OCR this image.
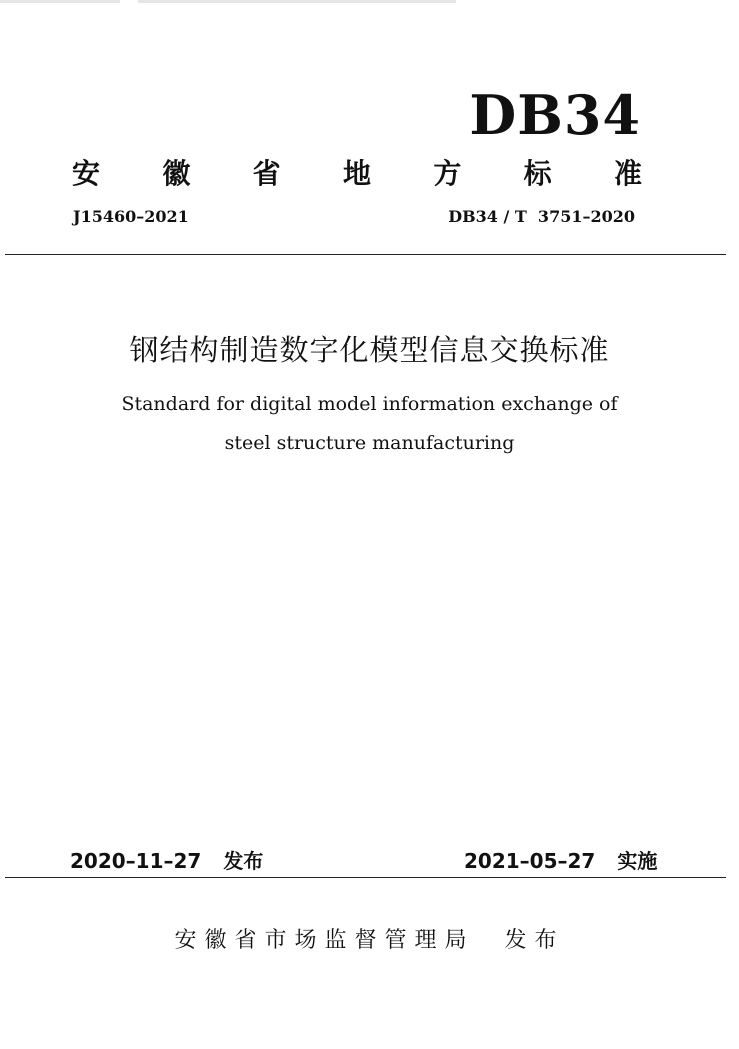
DB34
安 徽 省 地 方 标 准
J15460–2021	DB34 / T  3751–2020
钢结构制造数字化模型信息交换标准
Standard for digital model information exchange of
steel structure manufacturing
2020–11–27 发布	2021–05–27 实施
安徽省市场监督管理局  发布
